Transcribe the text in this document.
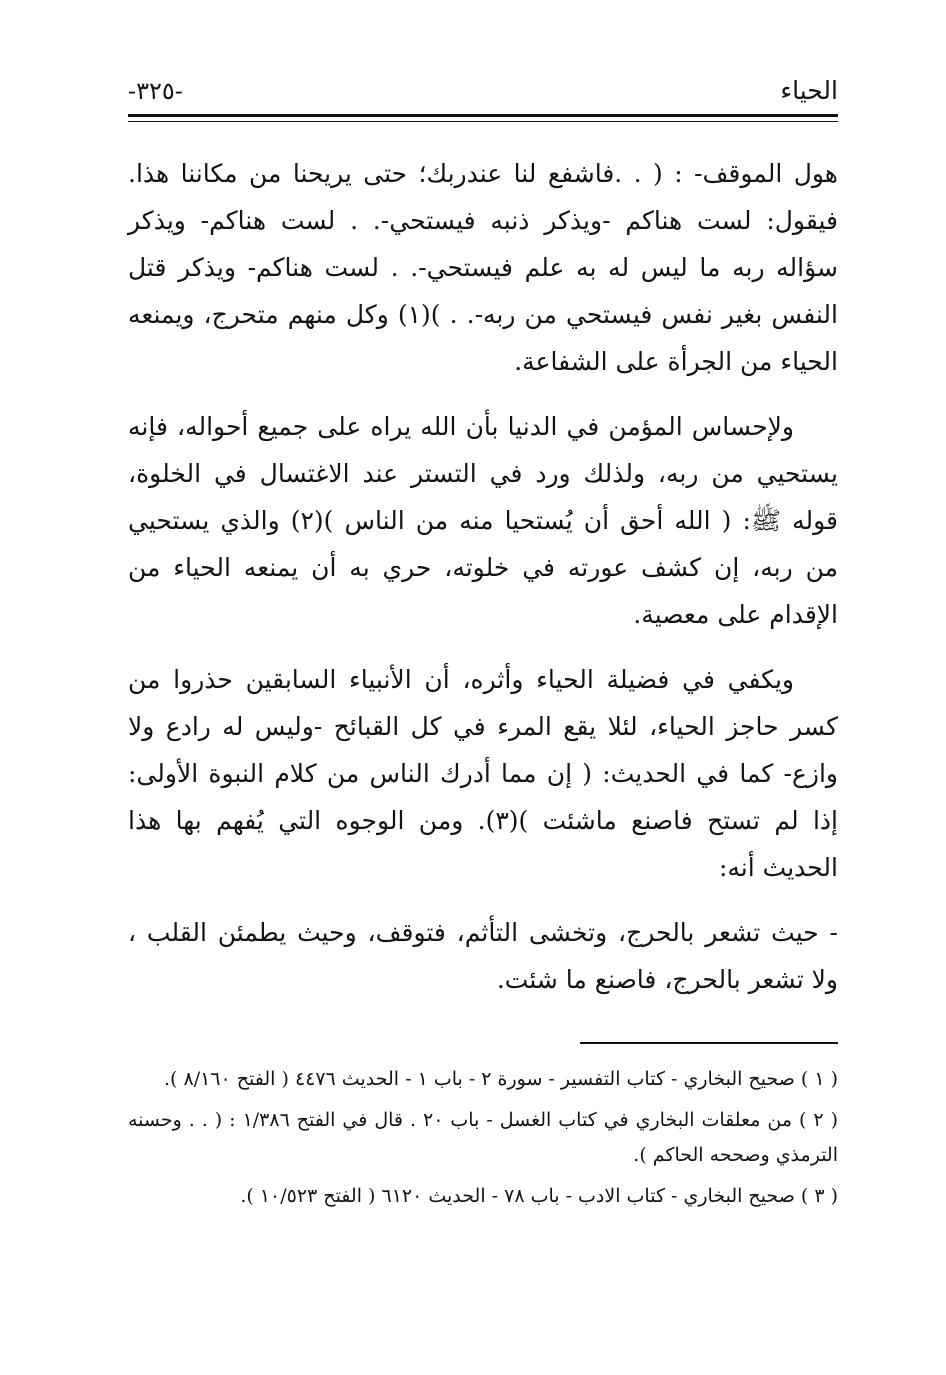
الحياء
-٣٢٥-

هول الموقف- : ( . .فاشفع لنا عندربك؛ حتى يريحنا من مكاننا هذا. فيقول: لست هناكم -ويذكر ذنبه فيستحي-. . لست هناكم- ويذكر سؤاله ربه ما ليس له به علم فيستحي-. . لست هناكم- ويذكر قتل النفس بغير نفس فيستحي من ربه-. . )(١) وكل منهم متحرج، ويمنعه الحياء من الجرأة على الشفاعة.

ولإحساس المؤمن في الدنيا بأن الله يراه على جميع أحواله، فإنه يستحيي من ربه، ولذلك ورد في التستر عند الاغتسال في الخلوة، قوله ﷺ: ( الله أحق أن يُستحيا منه من الناس )(٢) والذي يستحيي من ربه، إن كشف عورته في خلوته، حري به أن يمنعه الحياء من الإقدام على معصية.

ويكفي في فضيلة الحياء وأثره، أن الأنبياء السابقين حذروا من كسر حاجز الحياء، لئلا يقع المرء في كل القبائح -وليس له رادع ولا وازع- كما في الحديث: ( إن مما أدرك الناس من كلام النبوة الأولى: إذا لم تستح فاصنع ماشئت )(٣). ومن الوجوه التي يُفهم بها هذا الحديث أنه:

- حيث تشعر بالحرج، وتخشى التأثم، فتوقف، وحيث يطمئن القلب ، ولا تشعر بالحرج، فاصنع ما شئت.

( ١ ) صحيح البخاري - كتاب التفسير - سورة ٢ - باب ١ - الحديث ٤٤٧٦ ( الفتح ٨/١٦٠ ).

( ٢ ) من معلقات البخاري في كتاب الغسل - باب ٢٠ . قال في الفتح ١/٣٨٦ : ( . . وحسنه الترمذي وصححه الحاكم ).

( ٣ ) صحيح البخاري - كتاب الادب - باب ٧٨ - الحديث ٦١٢٠ ( الفتح ١٠/٥٢٣ ).
